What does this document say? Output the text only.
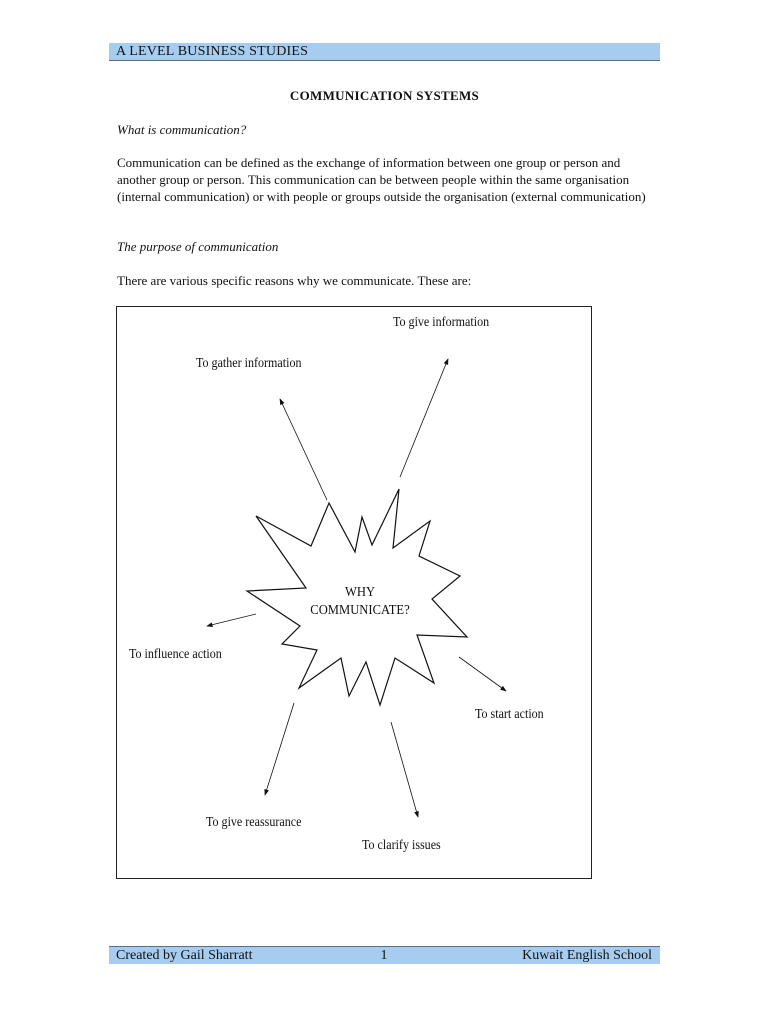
A LEVEL BUSINESS STUDIES
COMMUNICATION SYSTEMS
What is communication?

Communication can be defined as the exchange of information between one group or person and another group or person. This communication can be between people within the same organisation (internal communication) or with people or groups outside the organisation (external communication)

The purpose of communication

There are various specific reasons why we communicate. These are:

WHY
COMMUNICATE?
To give information
To gather information
To influence action
To start action
To give reassurance
To clarify issues
Created by Gail Sharratt	1	Kuwait English School
